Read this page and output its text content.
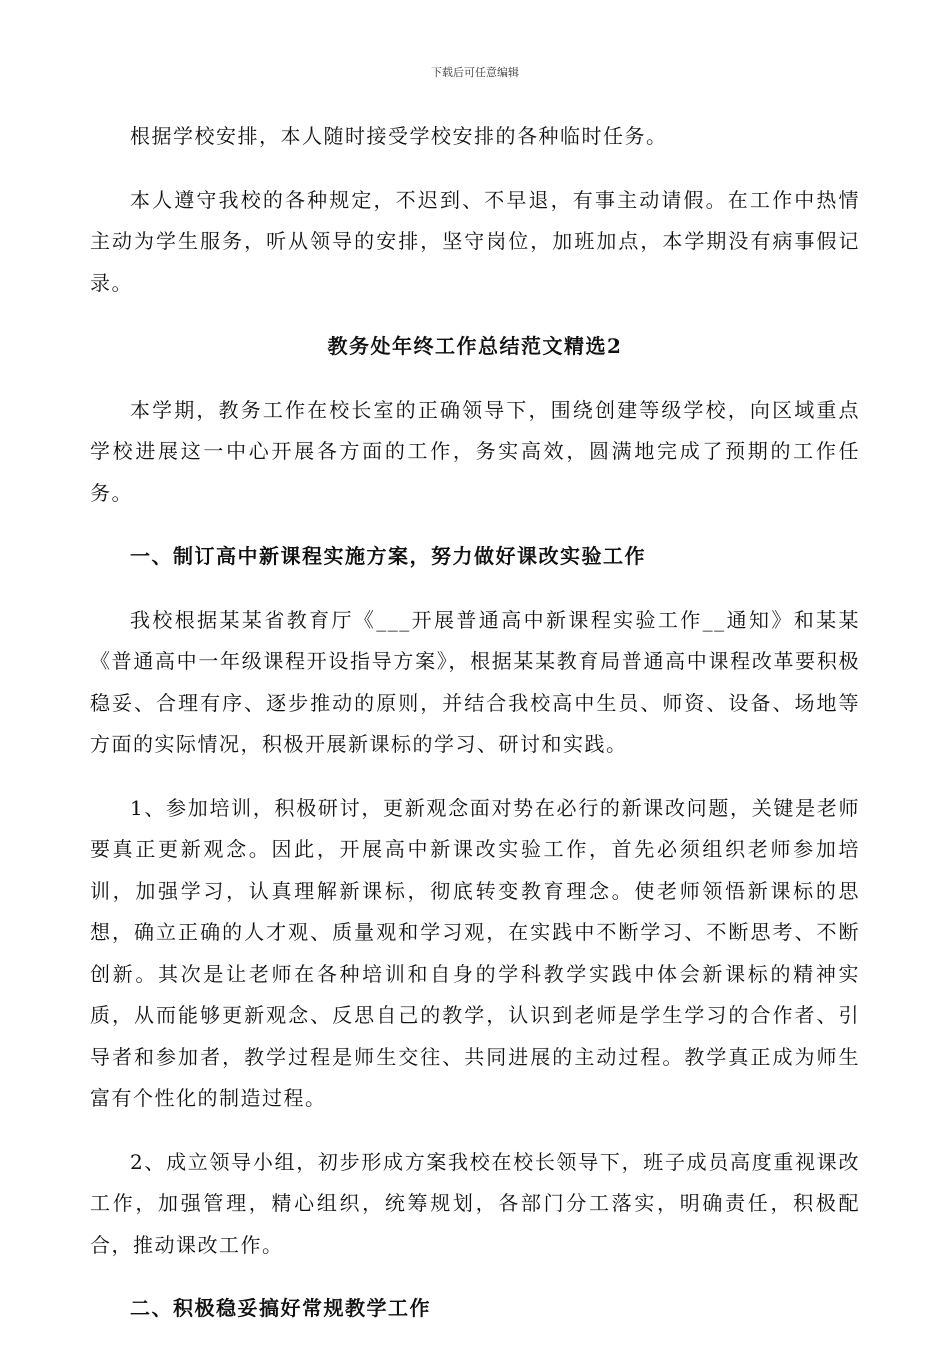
下载后可任意编辑

根据学校安排，本人随时接受学校安排的各种临时任务。

本人遵守我校的各种规定，不迟到、不早退，有事主动请假。在工作中热情主动为学生服务，听从领导的安排，坚守岗位，加班加点，本学期没有病事假记录。

教务处年终工作总结范文精选2

本学期，教务工作在校长室的正确领导下，围绕创建等级学校，向区域重点学校进展这一中心开展各方面的工作，务实高效，圆满地完成了预期的工作任务。

一、制订高中新课程实施方案，努力做好课改实验工作

我校根据某某省教育厅《___开展普通高中新课程实验工作__通知》和某某《普通高中一年级课程开设指导方案》，根据某某教育局普通高中课程改革要积极稳妥、合理有序、逐步推动的原则，并结合我校高中生员、师资、设备、场地等方面的实际情况，积极开展新课标的学习、研讨和实践。

1、参加培训，积极研讨，更新观念面对势在必行的新课改问题，关键是老师要真正更新观念。因此，开展高中新课改实验工作，首先必须组织老师参加培训，加强学习，认真理解新课标，彻底转变教育理念。使老师领悟新课标的思想，确立正确的人才观、质量观和学习观，在实践中不断学习、不断思考、不断创新。其次是让老师在各种培训和自身的学科教学实践中体会新课标的精神实质，从而能够更新观念、反思自己的教学，认识到老师是学生学习的合作者、引导者和参加者，教学过程是师生交往、共同进展的主动过程。教学真正成为师生富有个性化的制造过程。

2、成立领导小组，初步形成方案我校在校长领导下，班子成员高度重视课改工作，加强管理，精心组织，统筹规划，各部门分工落实，明确责任，积极配合，推动课改工作。

二、积极稳妥搞好常规教学工作
